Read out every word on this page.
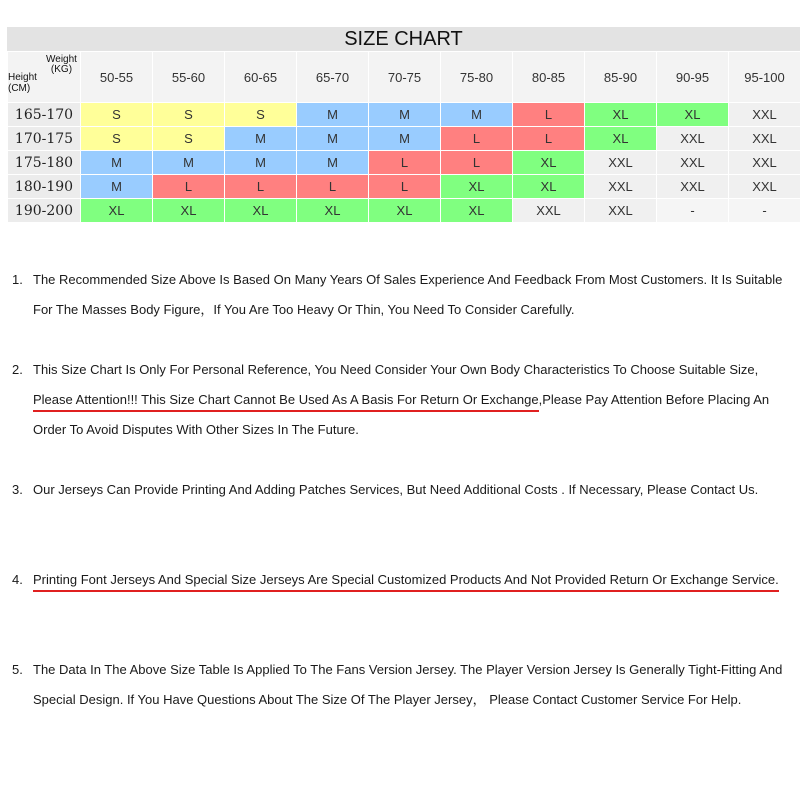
SIZE CHART
Weight
(KG)
Height
(CM)	50-55	55-60	60-65	65-70	70-75	75-80	80-85	85-90	90-95	95-100
165-170	S	S	S	M	M	M	L	XL	XL	XXL
170-175	S	S	M	M	M	L	L	XL	XXL	XXL
175-180	M	M	M	M	L	L	XL	XXL	XXL	XXL
180-190	M	L	L	L	L	XL	XL	XXL	XXL	XXL
190-200	XL	XL	XL	XL	XL	XL	XXL	XXL	-	-
1. The Recommended Size Above Is Based On Many Years Of Sales Experience And Feedback From Most Customers. It Is Suitable For The Masses Body Figure，If You Are Too Heavy Or Thin, You Need To Consider Carefully.
2. This Size Chart Is Only For Personal Reference, You Need Consider Your Own Body Characteristics To Choose Suitable Size, Please Attention!!! This Size Chart Cannot Be Used As A Basis For Return Or Exchange,Please Pay Attention Before Placing An Order To Avoid Disputes With Other Sizes In The Future.
3. Our Jerseys Can Provide Printing And Adding Patches Services, But Need Additional Costs . If Necessary, Please Contact Us.
4. Printing Font Jerseys And Special Size Jerseys Are Special Customized Products And Not Provided Return Or Exchange Service.
5. The Data In The Above Size Table Is Applied To The Fans Version Jersey. The Player Version Jersey Is Generally Tight-Fitting And Special Design. If You Have Questions About The Size Of The Player Jersey， Please Contact Customer Service For Help.
